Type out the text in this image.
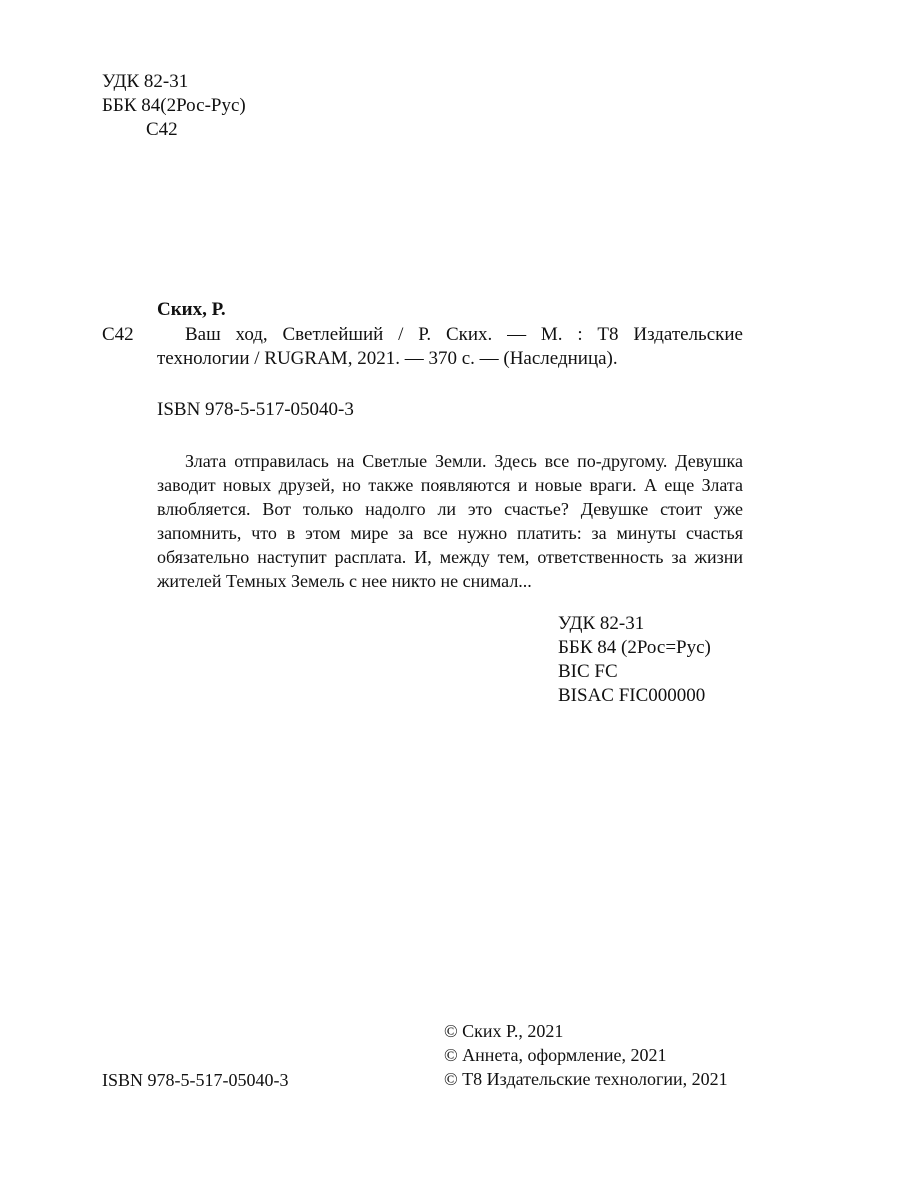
УДК 82-31
ББК 84(2Рос-Рус)
С42
Ских, Р.
С42	Ваш ход, Светлейший / Р. Ских. — М. : Т8 Издательские
технологии / RUGRAM, 2021. — 370 с. — (Наследница).
ISBN 978-5-517-05040-3

Злата отправилась на Светлые Земли. Здесь все по-другому. Девушка заводит новых друзей, но также появляются и новые враги. А еще Злата влюбляется. Вот только надолго ли это счастье? Девушке стоит уже запомнить, что в этом мире за все нужно платить: за минуты счастья обязательно наступит расплата. И, между тем, ответственность за жизни жителей Темных Земель с нее никто не снимал...

УДК 82-31
ББК 84 (2Рос=Рус)
BIC FC
BISAC FIC000000
ISBN 978-5-517-05040-3
© Ских Р., 2021
© Аннета, оформление, 2021
© Т8 Издательские технологии, 2021
